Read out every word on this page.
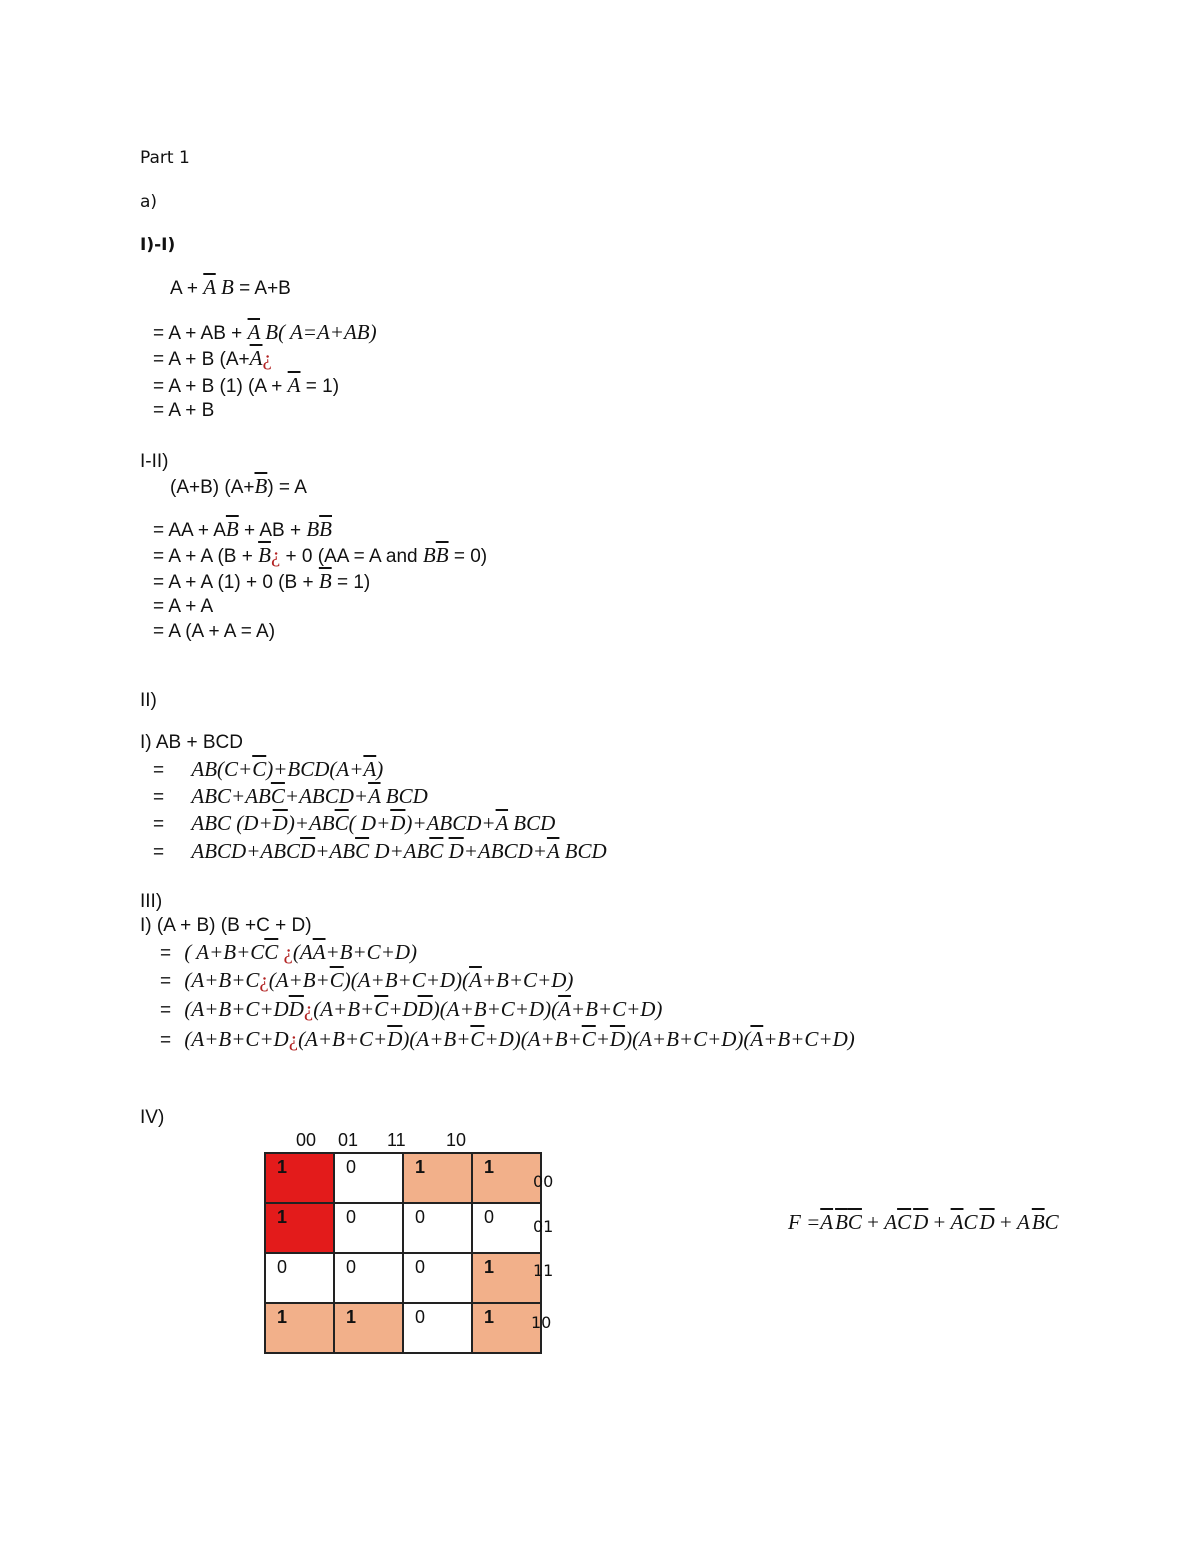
Part 1
a)
I)-I)
$A + \overline{A}$ B = A+B
= A + AB + $\overline{A}$ B( A=A+AB)
= A + B ($A+\overline{A}¿$
= A + B (1) $(A + \overline{A} = 1)$
= A + B
I-II)
(A+B) $(A+\overline{B}) = A$
= AA + $A\overline{B}$ + AB + $B\overline{B}$
= A + A ($B + \overline{B}¿ + 0$ (AA = A and $B\overline{B} = 0$)
= A + A (1) + 0 $(B + \overline{B} = 1)$
= A + A
= A (A + A = A)
II)
I) AB + BCD
= $AB(C+\overline{C})+BCD(A+\overline{A})$
= $ABC+AB\overline{C}+ABCD+\overline{A}$ BCD
= ABC $(D+\overline{D})+AB\overline{C}$( $D+\overline{D})+ABCD+\overline{A}$ BCD
= $ABCD+ABC\overline{D}+AB\overline{C}$ $D+AB\overline{C}$ $\overline{D}+ABCD+\overline{A}$ BCD
III)
I) (A + B) (B +C + D)
= ( $A+B+C\overline{C}$ ¿$(A\overline{A}+B+C+D)$
= ($A+B+C¿(A+B+\overline{C})(A+B+C+D)(\overline{A}+B+C+D)$
= ($A+B+C+D\overline{D}¿(A+B+\overline{C}+D\overline{D})(A+B+C+D)(\overline{A}+B+C+D)$
= ($A+B+C+D¿(A+B+C+\overline{D})(A+B+\overline{C}+D)(A+B+\overline{C}+\overline{D})(A+B+C+D)(\overline{A}+B+C+D)$
IV)
00 01 11 10
1	0	1	1
1	0	0	0
0	0	0	1
1	1	0	1
00
01
11
10
$F =\overline{A}\overline{B}\overline{C} + A\overline{C}\overline{D} + \overline{A}C\overline{D} + A\overline{B}C$
